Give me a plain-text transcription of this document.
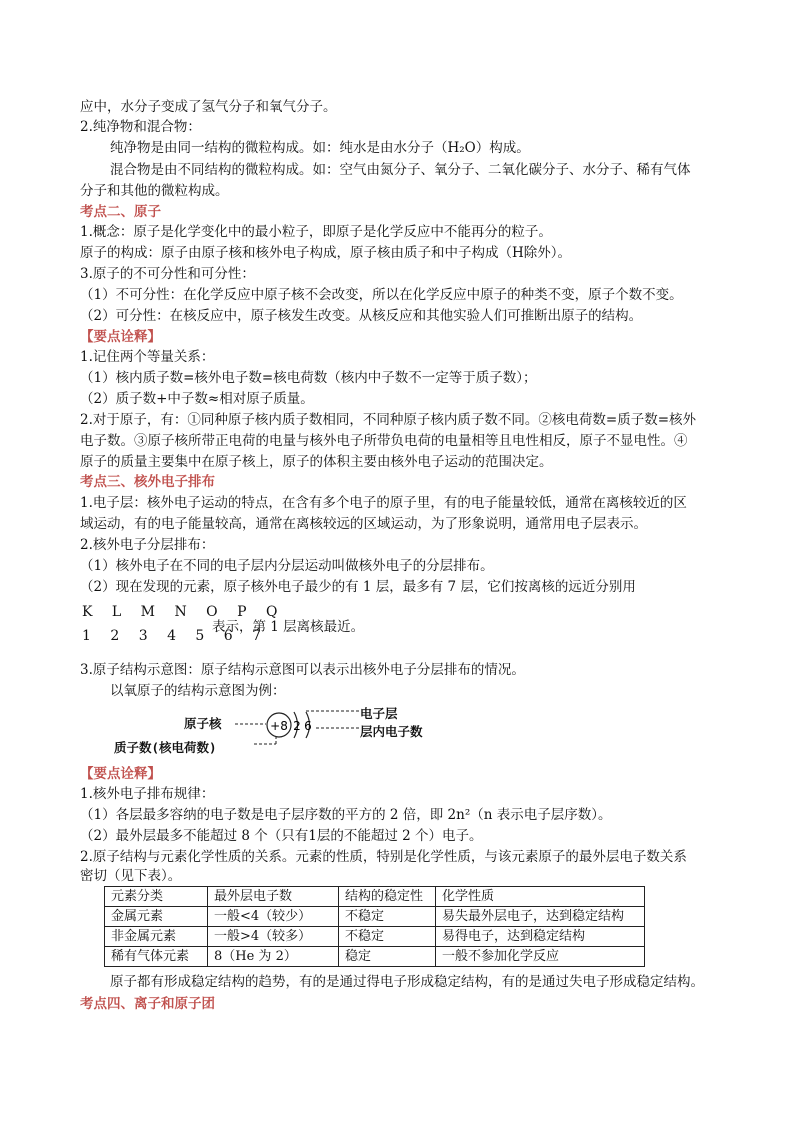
应中，水分子变成了氢气分子和氧气分子。
2.纯净物和混合物：
纯净物是由同一结构的微粒构成。如：纯水是由水分子（H₂O）构成。
混合物是由不同结构的微粒构成。如：空气由氮分子、氧分子、二氧化碳分子、水分子、稀有气体
分子和其他的微粒构成。
考点二、原子
1.概念：原子是化学变化中的最小粒子，即原子是化学反应中不能再分的粒子。
原子的构成：原子由原子核和核外电子构成，原子核由质子和中子构成（H除外）。
3.原子的不可分性和可分性：
（1）不可分性：在化学反应中原子核不会改变，所以在化学反应中原子的种类不变，原子个数不变。
（2）可分性：在核反应中，原子核发生改变。从核反应和其他实验人们可推断出原子的结构。
【要点诠释】
1.记住两个等量关系：
（1）核内质子数=核外电子数=核电荷数（核内中子数不一定等于质子数）；
（2）质子数+中子数≈相对原子质量。
2.对于原子，有：①同种原子核内质子数相同，不同种原子核内质子数不同。②核电荷数=质子数=核外
电子数。③原子核所带正电荷的电量与核外电子所带负电荷的电量相等且电性相反，原子不显电性。④
原子的质量主要集中在原子核上，原子的体积主要由核外电子运动的范围决定。
考点三、核外电子排布
1.电子层：核外电子运动的特点，在含有多个电子的原子里，有的电子能量较低，通常在离核较近的区
域运动，有的电子能量较高，通常在离核较远的区域运动，为了形象说明，通常用电子层表示。
2.核外电子分层排布：
（1）核外电子在不同的电子层内分层运动叫做核外电子的分层排布。
（2）现在发现的元素，原子核外电子最少的有 1 层，最多有 7 层，它们按离核的远近分别用
K L M N O P Q
1 2 3 4 5 6 7
表示，第 1 层离核最近。
3.原子结构示意图：原子结构示意图可以表示出核外电子分层排布的情况。
以氧原子的结构示意图为例：
原子核
质子数(核电荷数)
电子层
层内电子数
+8 2 6
【要点诠释】
1.核外电子排布规律：
（1）各层最多容纳的电子数是电子层序数的平方的 2 倍，即 2n²（n 表示电子层序数）。
（2）最外层最多不能超过 8 个（只有1层的不能超过 2 个）电子。
2.原子结构与元素化学性质的关系。元素的性质，特别是化学性质，与该元素原子的最外层电子数关系
密切（见下表）。
元素分类	最外层电子数	结构的稳定性	化学性质
金属元素	一般<4（较少）	不稳定	易失最外层电子，达到稳定结构
非金属元素	一般>4（较多）	不稳定	易得电子，达到稳定结构
稀有气体元素	8（He 为 2）	稳定	一般不参加化学反应
原子都有形成稳定结构的趋势，有的是通过得电子形成稳定结构，有的是通过失电子形成稳定结构。
考点四、离子和原子团
